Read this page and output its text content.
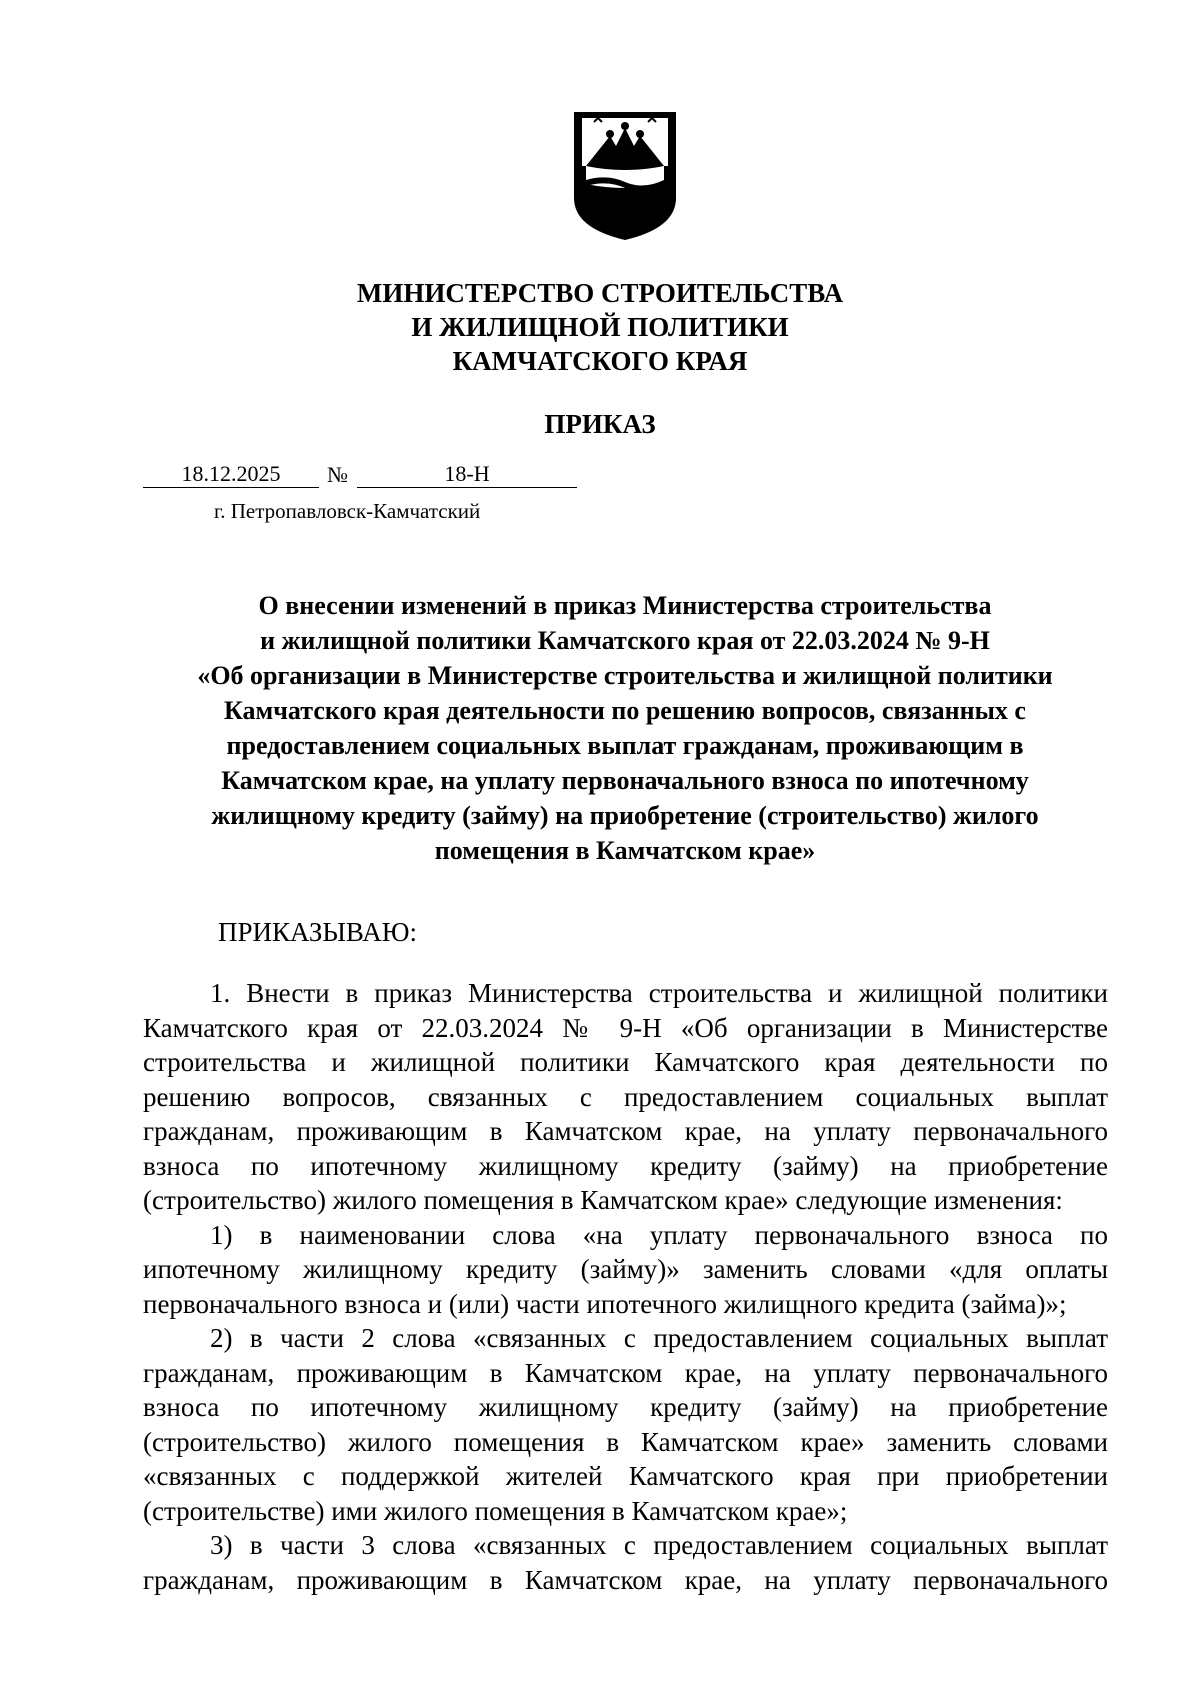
МИНИСТЕРСТВО СТРОИТЕЛЬСТВА
И ЖИЛИЩНОЙ ПОЛИТИКИ
КАМЧАТСКОГО КРАЯ
ПРИКАЗ
18.12.2025	№	18-Н
г. Петропавловск-Камчатский
О внесении изменений в приказ Министерства строительства
и жилищной политики Камчатского края от 22.03.2024 № 9-Н
«Об организации в Министерстве строительства и жилищной политики
Камчатского края деятельности по решению вопросов, связанных с
предоставлением социальных выплат гражданам, проживающим в
Камчатском крае, на уплату первоначального взноса по ипотечному
жилищному кредиту (займу) на приобретение (строительство) жилого
помещения в Камчатском крае»
ПРИКАЗЫВАЮ:
1. Внести в приказ Министерства строительства и жилищной политики
Камчатского края от 22.03.2024 № 9-Н «Об организации в Министерстве
строительства и жилищной политики Камчатского края деятельности по
решению вопросов, связанных с предоставлением социальных выплат
гражданам, проживающим в Камчатском крае, на уплату первоначального
взноса по ипотечному жилищному кредиту (займу) на приобретение
(строительство) жилого помещения в Камчатском крае» следующие изменения:
1) в наименовании слова «на уплату первоначального взноса по
ипотечному жилищному кредиту (займу)» заменить словами «для оплаты
первоначального взноса и (или) части ипотечного жилищного кредита (займа)»;
2) в части 2 слова «связанных с предоставлением социальных выплат
гражданам, проживающим в Камчатском крае, на уплату первоначального
взноса по ипотечному жилищному кредиту (займу) на приобретение
(строительство) жилого помещения в Камчатском крае» заменить словами
«связанных с поддержкой жителей Камчатского края при приобретении
(строительстве) ими жилого помещения в Камчатском крае»;
3) в части 3 слова «связанных с предоставлением социальных выплат
гражданам, проживающим в Камчатском крае, на уплату первоначального
